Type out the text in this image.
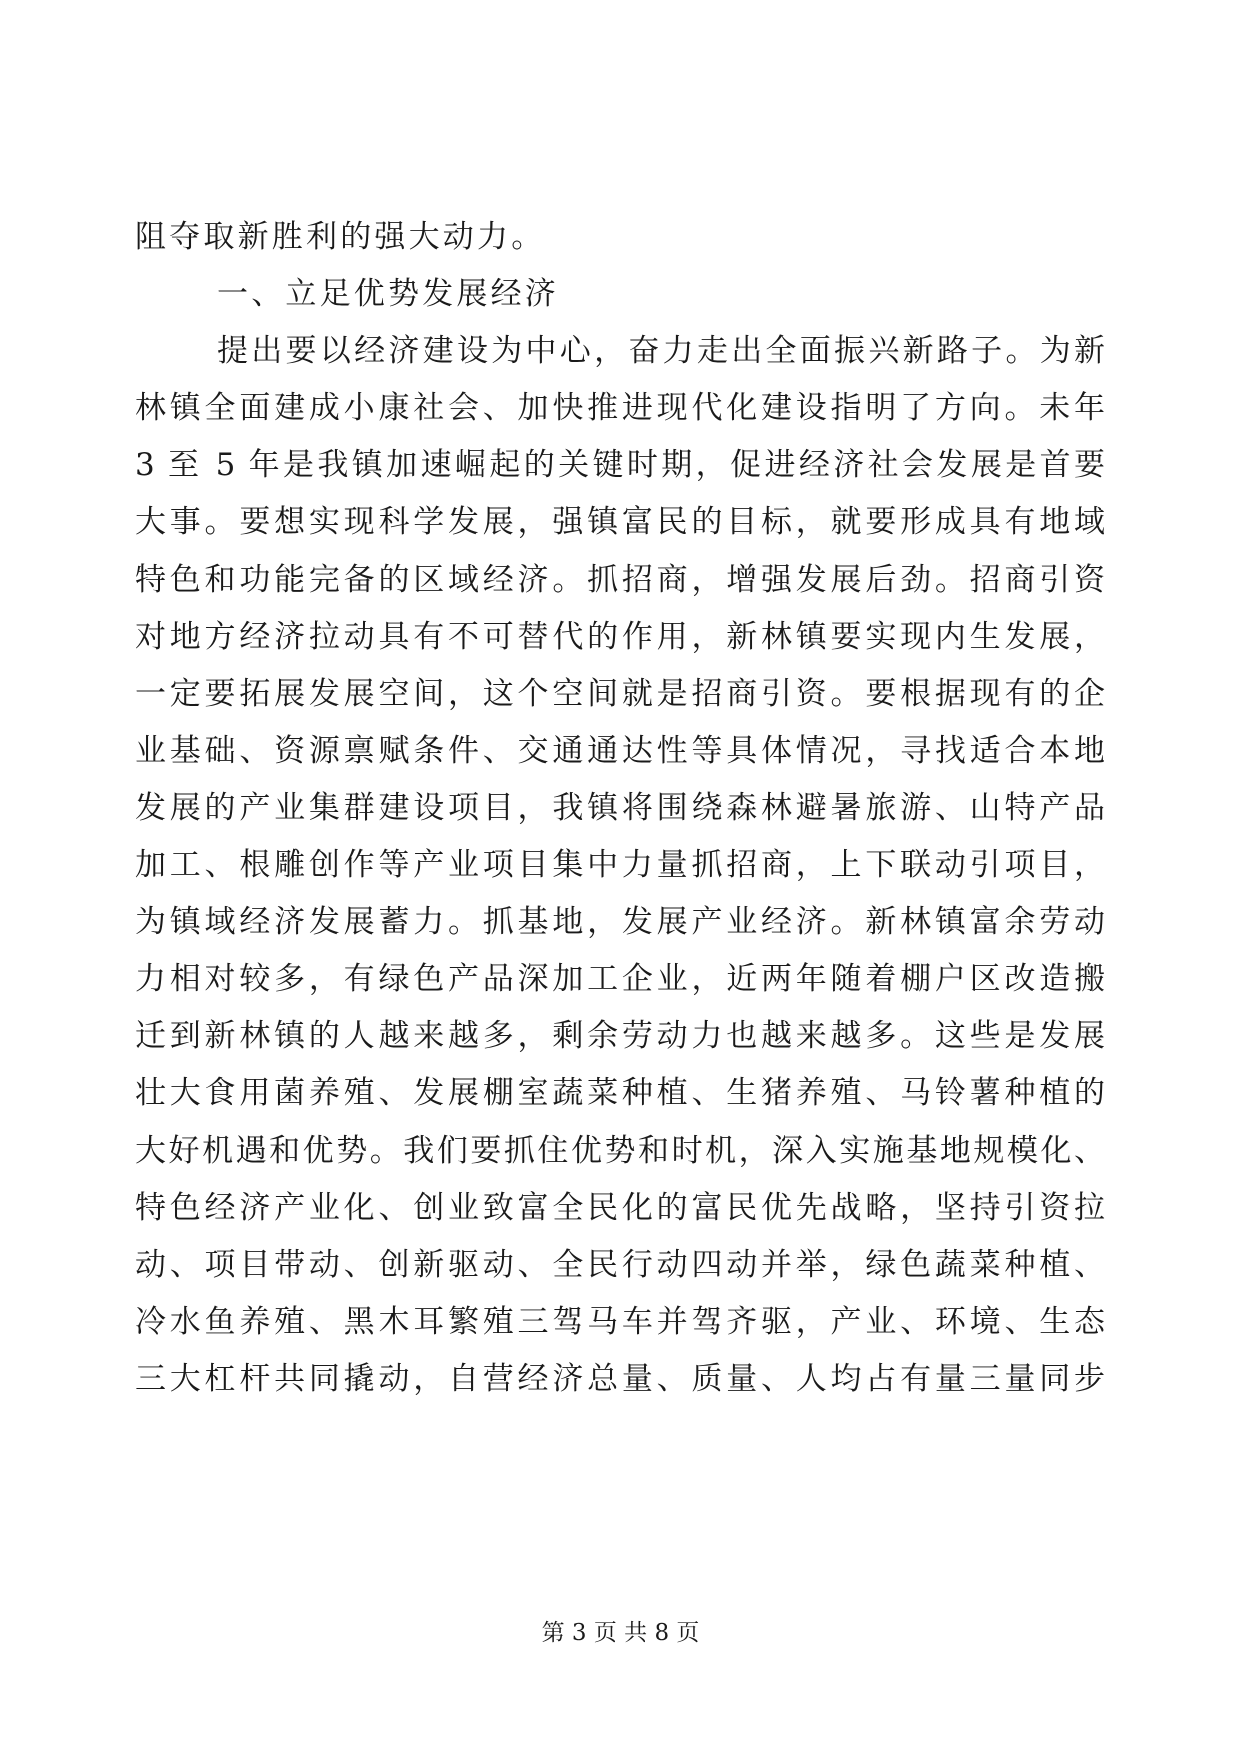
阻夺取新胜利的强大动力。
一、立足优势发展经济
提出要以经济建设为中心，奋力走出全面振兴新路子。为新
林镇全面建成小康社会、加快推进现代化建设指明了方向。未年
3 至 5 年是我镇加速崛起的关键时期，促进经济社会发展是首要
大事。要想实现科学发展，强镇富民的目标，就要形成具有地域
特色和功能完备的区域经济。抓招商，增强发展后劲。招商引资
对地方经济拉动具有不可替代的作用，新林镇要实现内生发展，
一定要拓展发展空间，这个空间就是招商引资。要根据现有的企
业基础、资源禀赋条件、交通通达性等具体情况，寻找适合本地
发展的产业集群建设项目，我镇将围绕森林避暑旅游、山特产品
加工、根雕创作等产业项目集中力量抓招商，上下联动引项目，
为镇域经济发展蓄力。抓基地，发展产业经济。新林镇富余劳动
力相对较多，有绿色产品深加工企业，近两年随着棚户区改造搬
迁到新林镇的人越来越多，剩余劳动力也越来越多。这些是发展
壮大食用菌养殖、发展棚室蔬菜种植、生猪养殖、马铃薯种植的
大好机遇和优势。我们要抓住优势和时机，深入实施基地规模化、
特色经济产业化、创业致富全民化的富民优先战略，坚持引资拉
动、项目带动、创新驱动、全民行动四动并举，绿色蔬菜种植、
冷水鱼养殖、黑木耳繁殖三驾马车并驾齐驱，产业、环境、生态
三大杠杆共同撬动，自营经济总量、质量、人均占有量三量同步
第 3 页 共 8 页
